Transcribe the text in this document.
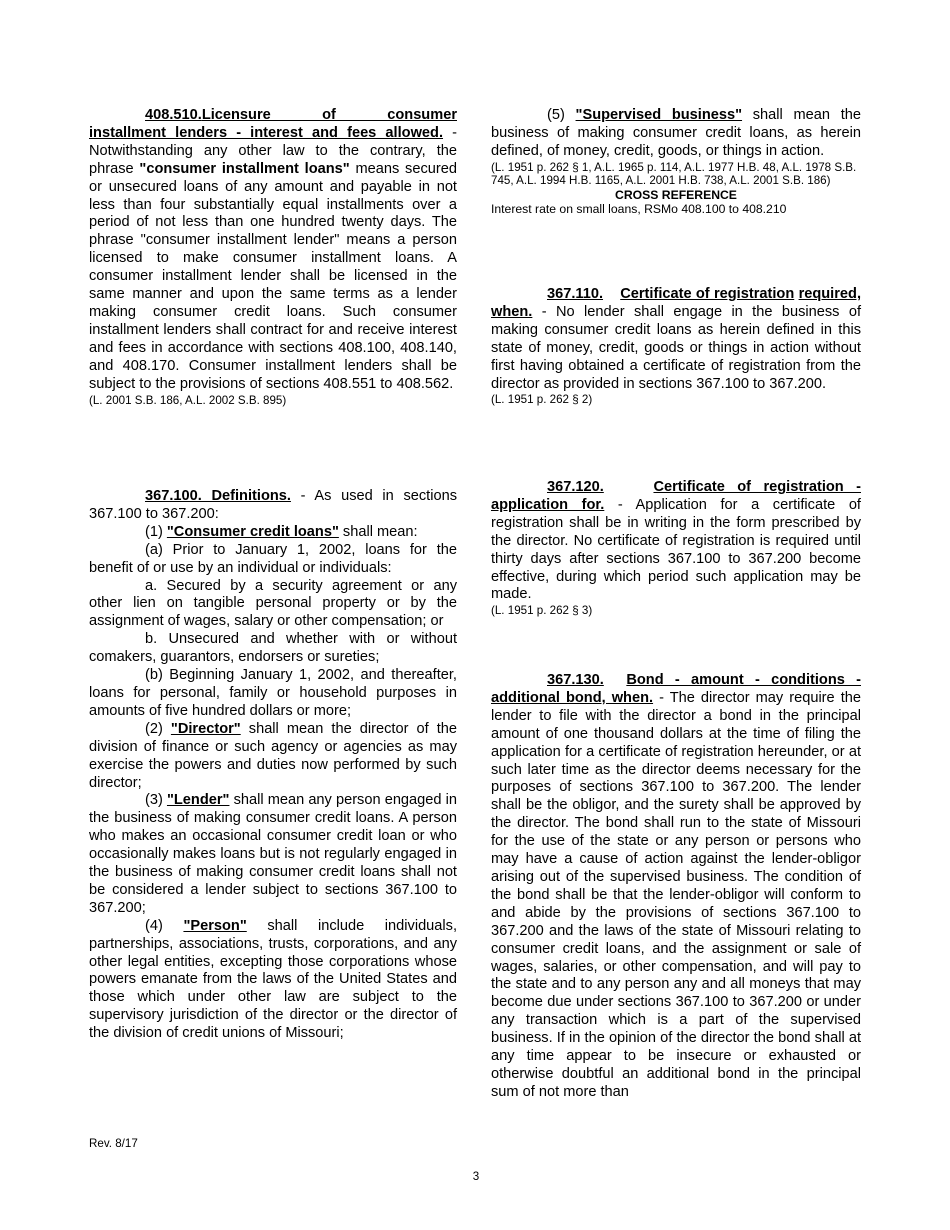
408.510.Licensure of consumer installment lenders - interest and fees allowed. - Notwithstanding any other law to the contrary, the phrase "consumer installment loans" means secured or unsecured loans of any amount and payable in not less than four substantially equal installments over a period of not less than one hundred twenty days. The phrase "consumer installment lender" means a person licensed to make consumer installment loans. A consumer installment lender shall be licensed in the same manner and upon the same terms as a lender making consumer credit loans. Such consumer installment lenders shall contract for and receive interest and fees in accordance with sections 408.100, 408.140, and 408.170. Consumer installment lenders shall be subject to the provisions of sections 408.551 to 408.562.

(L. 2001 S.B. 186, A.L. 2002 S.B. 895)

367.100. Definitions. - As used in sections 367.100 to 367.200:

(1) "Consumer credit loans" shall mean:

(a) Prior to January 1, 2002, loans for the benefit of or use by an individual or individuals:

a. Secured by a security agreement or any other lien on tangible personal property or by the assignment of wages, salary or other compensation; or

b. Unsecured and whether with or without comakers, guarantors, endorsers or sureties;

(b) Beginning January 1, 2002, and thereafter, loans for personal, family or household purposes in amounts of five hundred dollars or more;

(2) "Director" shall mean the director of the division of finance or such agency or agencies as may exercise the powers and duties now performed by such director;

(3) "Lender" shall mean any person engaged in the business of making consumer credit loans. A person who makes an occasional consumer credit loan or who occasionally makes loans but is not regularly engaged in the business of making consumer credit loans shall not be considered a lender subject to sections 367.100 to 367.200;

(4) "Person" shall include individuals, partnerships, associations, trusts, corporations, and any other legal entities, excepting those corporations whose powers emanate from the laws of the United States and those which under other law are subject to the supervisory jurisdiction of the director or the director of the division of credit unions of Missouri;

(5) "Supervised business" shall mean the business of making consumer credit loans, as herein defined, of money, credit, goods, or things in action.

(L. 1951 p. 262 § 1, A.L. 1965 p. 114, A.L. 1977 H.B. 48, A.L. 1978 S.B. 745, A.L. 1994 H.B. 1165, A.L. 2001 H.B. 738, A.L. 2001 S.B. 186)

CROSS REFERENCE

Interest rate on small loans, RSMo 408.100 to 408.210

367.110. Certificate of registration required, when. - No lender shall engage in the business of making consumer credit loans as herein defined in this state of money, credit, goods or things in action without first having obtained a certificate of registration from the director as provided in sections 367.100 to 367.200.

(L. 1951 p. 262 § 2)

367.120.	Certificate of registration - application for. - Application for a certificate of registration shall be in writing in the form prescribed by the director. No certificate of registration is required until thirty days after sections 367.100 to 367.200 become effective, during which period such application may be made.

(L. 1951 p. 262 § 3)

367.130. Bond - amount - conditions - additional bond, when. - The director may require the lender to file with the director a bond in the principal amount of one thousand dollars at the time of filing the application for a certificate of registration hereunder, or at such later time as the director deems necessary for the purposes of sections 367.100 to 367.200. The lender shall be the obligor, and the surety shall be approved by the director. The bond shall run to the state of Missouri for the use of the state or any person or persons who may have a cause of action against the lender-obligor arising out of the supervised business. The condition of the bond shall be that the lender-obligor will conform to and abide by the provisions of sections 367.100 to 367.200 and the laws of the state of Missouri relating to consumer credit loans, and the assignment or sale of wages, salaries, or other compensation, and will pay to the state and to any person any and all moneys that may become due under sections 367.100 to 367.200 or under any transaction which is a part of the supervised business. If in the opinion of the director the bond shall at any time appear to be insecure or exhausted or otherwise doubtful an additional bond in the principal sum of not more than

Rev. 8/17
3
